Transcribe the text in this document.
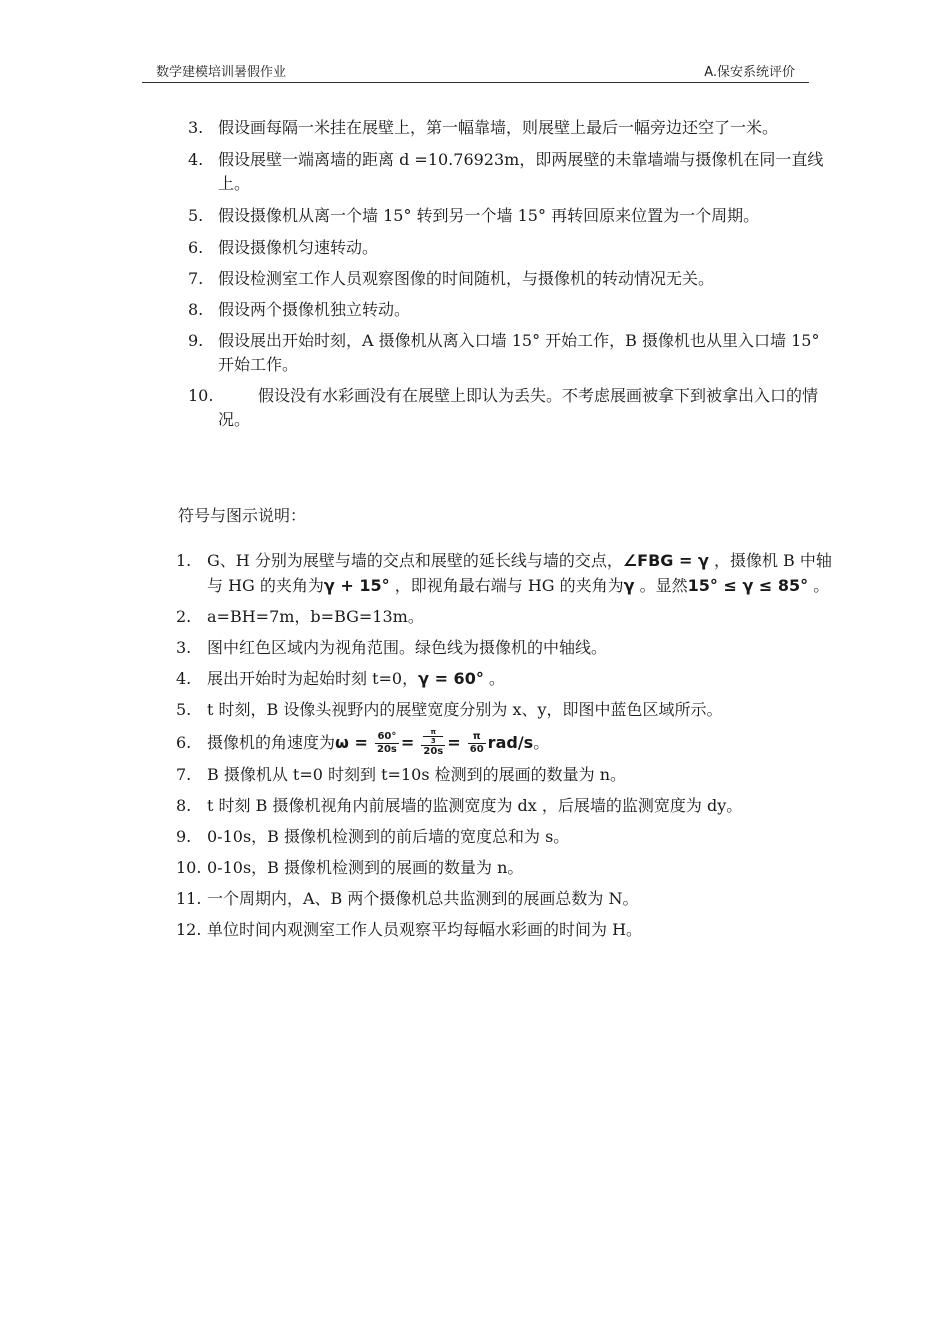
数学建模培训暑假作业	A.保安系统评价
3. 假设画每隔一米挂在展壁上，第一幅靠墙，则展壁上最后一幅旁边还空了一米。
4. 假设展壁一端离墙的距离 d =10.76923m，即两展壁的未靠墙端与摄像机在同一直线上。
5. 假设摄像机从离一个墙 15° 转到另一个墙 15° 再转回原来位置为一个周期。
6. 假设摄像机匀速转动。
7. 假设检测室工作人员观察图像的时间随机，与摄像机的转动情况无关。
8. 假设两个摄像机独立转动。
9. 假设展出开始时刻，A 摄像机从离入口墙 15° 开始工作，B 摄像机也从里入口墙 15° 开始工作。
10.	假设没有水彩画没有在展壁上即认为丢失。不考虑展画被拿下到被拿出入口的情况。
符号与图示说明：
1. G、H 分别为展壁与墙的交点和展壁的延长线与墙的交点，∠FBG = γ ，摄像机 B 中轴与 HG 的夹角为γ + 15° ，即视角最右端与 HG 的夹角为γ 。显然15° ≤ γ ≤ 85° 。
2. a=BH=7m，b=BG=13m。
3. 图中红色区域内为视角范围。绿色线为摄像机的中轴线。
4. 展出开始时为起始时刻 t=0，γ = 60° 。
5. t 时刻，B 设像头视野内的展壁宽度分别为 x、y，即图中蓝色区域所示。
6. 摄像机的角速度为$\omega = \frac{60^\circ}{20s} = \pi$
3
$20s = \frac{\pi}{60} rad/s$。
7. B 摄像机从 t=0 时刻到 t=10s 检测到的展画的数量为 n。
8. t 时刻 B 摄像机视角内前展墙的监测宽度为 dx ，后展墙的监测宽度为 dy。
9. 0-10s，B 摄像机检测到的前后墙的宽度总和为 s。
10. 0-10s，B 摄像机检测到的展画的数量为 n。
11. 一个周期内，A、B 两个摄像机总共监测到的展画总数为 N。
12. 单位时间内观测室工作人员观察平均每幅水彩画的时间为 H。
